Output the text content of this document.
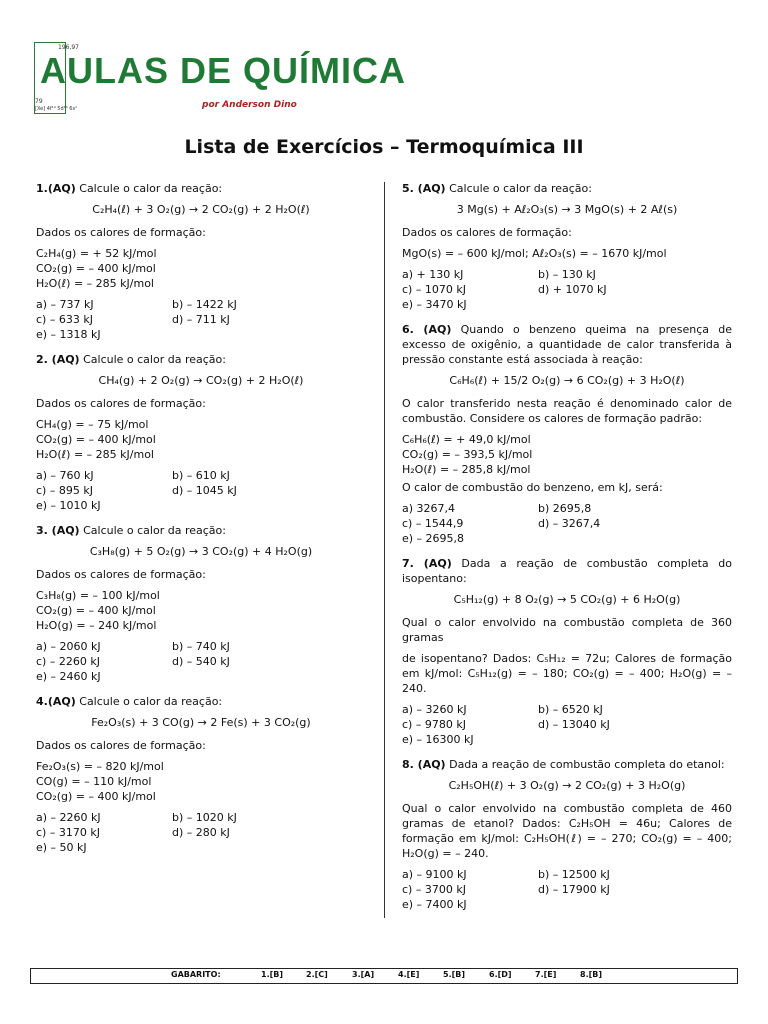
196,97
79
[Xe] 4f¹⁴ 5d¹⁰ 6s¹
AULAS DE QUÍMICA
por Anderson Dino
Lista de Exercícios – Termoquímica III
1.(AQ) Calcule o calor da reação:
C₂H₄(ℓ) + 3 O₂(g) → 2 CO₂(g) + 2 H₂O(ℓ)
Dados os calores de formação:
C₂H₄(g) = + 52 kJ/mol
CO₂(g) = – 400 kJ/mol
H₂O(ℓ) = – 285 kJ/mol
a) – 737 kJ	b) – 1422 kJ
c) – 633 kJ	d) – 711 kJ
e) – 1318 kJ
2. (AQ) Calcule o calor da reação:
CH₄(g) + 2 O₂(g) → CO₂(g) + 2 H₂O(ℓ)
Dados os calores de formação:
CH₄(g) = – 75 kJ/mol
CO₂(g) = – 400 kJ/mol
H₂O(ℓ) = – 285 kJ/mol
a) – 760 kJ	b) – 610 kJ
c) – 895 kJ	d) – 1045 kJ
e) – 1010 kJ
3. (AQ) Calcule o calor da reação:
C₃H₈(g) + 5 O₂(g) → 3 CO₂(g) + 4 H₂O(g)
Dados os calores de formação:
C₃H₈(g) = – 100 kJ/mol
CO₂(g) = – 400 kJ/mol
H₂O(g) = – 240 kJ/mol
a) – 2060 kJ	b) – 740 kJ
c) – 2260 kJ	d) – 540 kJ
e) – 2460 kJ
4.(AQ) Calcule o calor da reação:
Fe₂O₃(s) + 3 CO(g) → 2 Fe(s) + 3 CO₂(g)
Dados os calores de formação:
Fe₂O₃(s) = – 820 kJ/mol
CO(g) = – 110 kJ/mol
CO₂(g) = – 400 kJ/mol
a) – 2260 kJ	b) – 1020 kJ
c) – 3170 kJ	d) – 280 kJ
e) – 50 kJ
5. (AQ) Calcule o calor da reação:
3 Mg(s) + Aℓ₂O₃(s) → 3 MgO(s) + 2 Aℓ(s)
Dados os calores de formação:
MgO(s) = – 600 kJ/mol; Aℓ₂O₃(s) = – 1670 kJ/mol
a) + 130 kJ	b) – 130 kJ
c) – 1070 kJ	d) + 1070 kJ
e) – 3470 kJ
6. (AQ) Quando o benzeno queima na presença de excesso de oxigênio, a quantidade de calor transferida à pressão constante está associada à reação:
C₆H₆(ℓ) + 15/2 O₂(g) → 6 CO₂(g) + 3 H₂O(ℓ)
O calor transferido nesta reação é denominado calor de combustão. Considere os calores de formação padrão:
C₆H₆(ℓ) = + 49,0 kJ/mol
CO₂(g) = – 393,5 kJ/mol
H₂O(ℓ) = – 285,8 kJ/mol
O calor de combustão do benzeno, em kJ, será:
a) 3267,4	b) 2695,8
c) – 1544,9	d) – 3267,4
e) – 2695,8
7. (AQ) Dada a reação de combustão completa do isopentano:
C₅H₁₂(g) + 8 O₂(g) → 5 CO₂(g) + 6 H₂O(g)
Qual o calor envolvido na combustão completa de 360 gramas
de isopentano? Dados: C₅H₁₂ = 72u; Calores de formação em kJ/mol: C₅H₁₂(g) = – 180; CO₂(g) = – 400; H₂O(g) = – 240.
a) – 3260 kJ	b) – 6520 kJ
c) – 9780 kJ	d) – 13040 kJ
e) – 16300 kJ
8. (AQ) Dada a reação de combustão completa do etanol:
C₂H₅OH(ℓ) + 3 O₂(g) → 2 CO₂(g) + 3 H₂O(g)
Qual o calor envolvido na combustão completa de 460 gramas de etanol? Dados: C₂H₅OH = 46u; Calores de formação em kJ/mol: C₂H₅OH(ℓ) = – 270; CO₂(g) = – 400; H₂O(g) = – 240.
a) – 9100 kJ	b) – 12500 kJ
c) – 3700 kJ	d) – 17900 kJ
e) – 7400 kJ
GABARITO:	1.[B]	2.[C]	3.[A]	4.[E]	5.[B]	6.[D]	7.[E]	8.[B]
